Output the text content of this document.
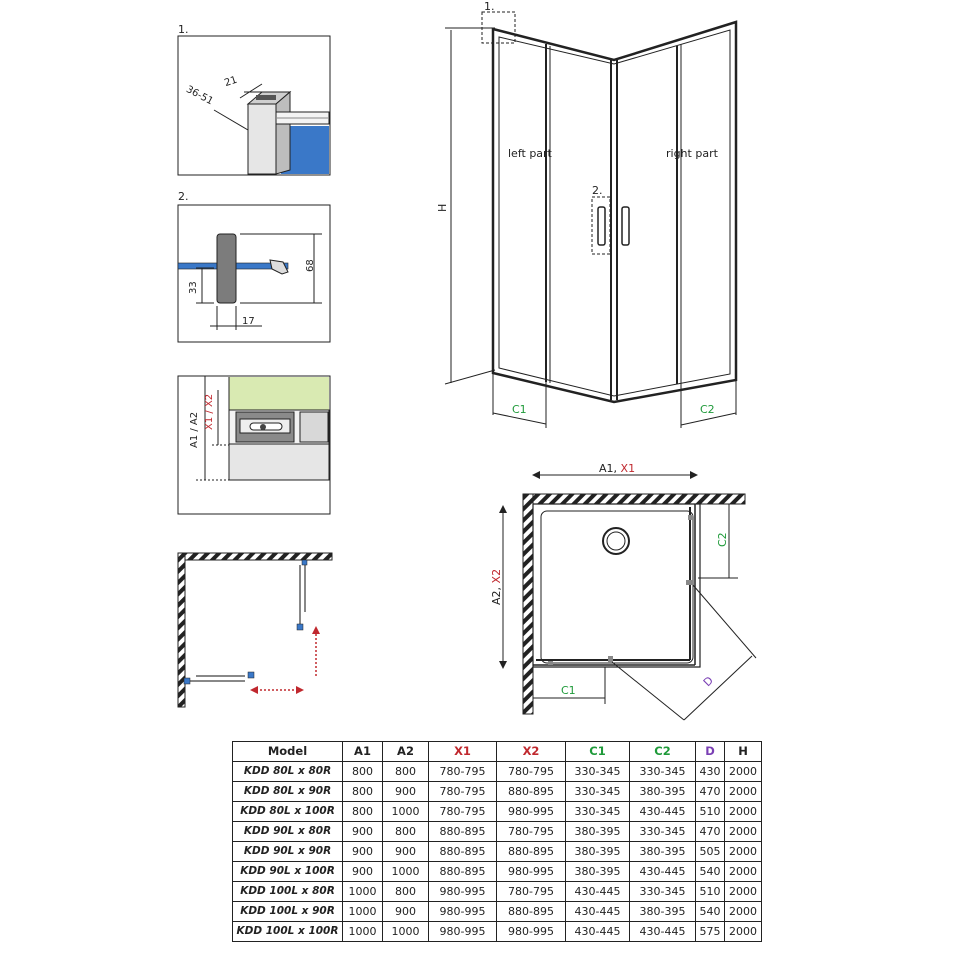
1.
21
36-51
2.
68
33
17
A1 / A2 X1 / X2
1.
2.
left part	right part
H
C1	C2
A1, X1
A2, X2
C2
C1
D
Model	A1	A2	X1	X2	C1	C2	D	H
KDD 80L x 80R	800	800	780-795	780-795	330-345	330-345	430	2000
KDD 80L x 90R	800	900	780-795	880-895	330-345	380-395	470	2000
KDD 80L x 100R	800	1000	780-795	980-995	330-345	430-445	510	2000
KDD 90L x 80R	900	800	880-895	780-795	380-395	330-345	470	2000
KDD 90L x 90R	900	900	880-895	880-895	380-395	380-395	505	2000
KDD 90L x 100R	900	1000	880-895	980-995	380-395	430-445	540	2000
KDD 100L x 80R	1000	800	980-995	780-795	430-445	330-345	510	2000
KDD 100L x 90R	1000	900	980-995	880-895	430-445	380-395	540	2000
KDD 100L x 100R	1000	1000	980-995	980-995	430-445	430-445	575	2000
